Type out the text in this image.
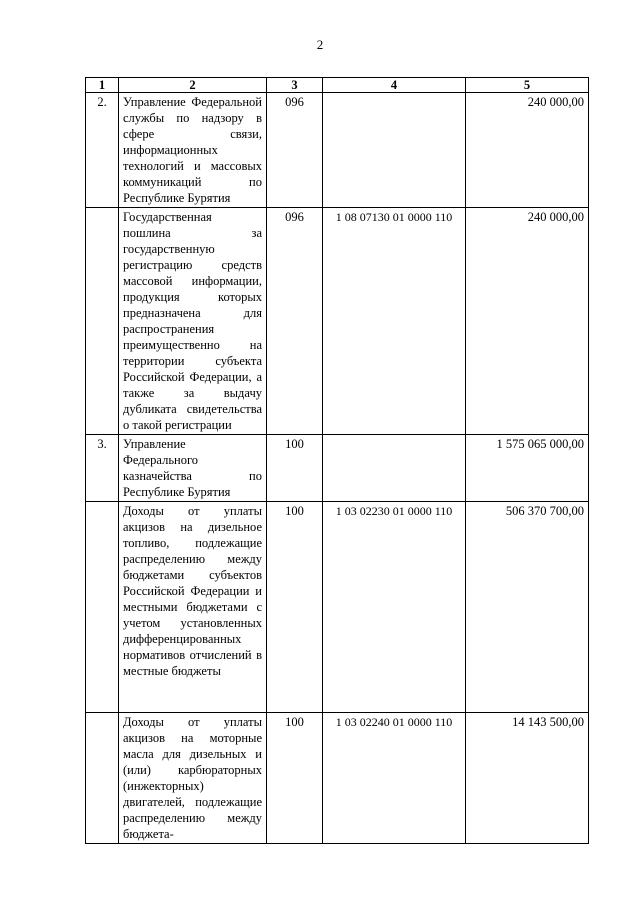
2
1	2	3	4	5
2.	Управление Федеральной службы по надзору в сфере связи, информационных технологий и массовых коммуникаций по Республике Бурятия	096		240 000,00
	Государственная пошлина за государственную регистрацию средств массовой информации, продукция которых предназначена для распространения преимущественно на территории субъекта Российской Федерации, а также за выдачу дубликата свидетельства о такой регистрации	096	1 08 07130 01 0000 110	240 000,00
3.	Управление Федерального казначейства по Республике Бурятия	100		1 575 065 000,00
	Доходы от уплаты акцизов на дизельное топливо, подлежащие распределению между бюджетами субъектов Российской Федерации и местными бюджетами с учетом установленных дифференцированных нормативов отчислений в местные бюджеты	100	1 03 02230 01 0000 110	506 370 700,00
	Доходы от уплаты акцизов на моторные масла для дизельных и (или) карбюраторных (инжекторных) двигателей, подлежащие распределению между бюджета-	100	1 03 02240 01 0000 110	14 143 500,00
